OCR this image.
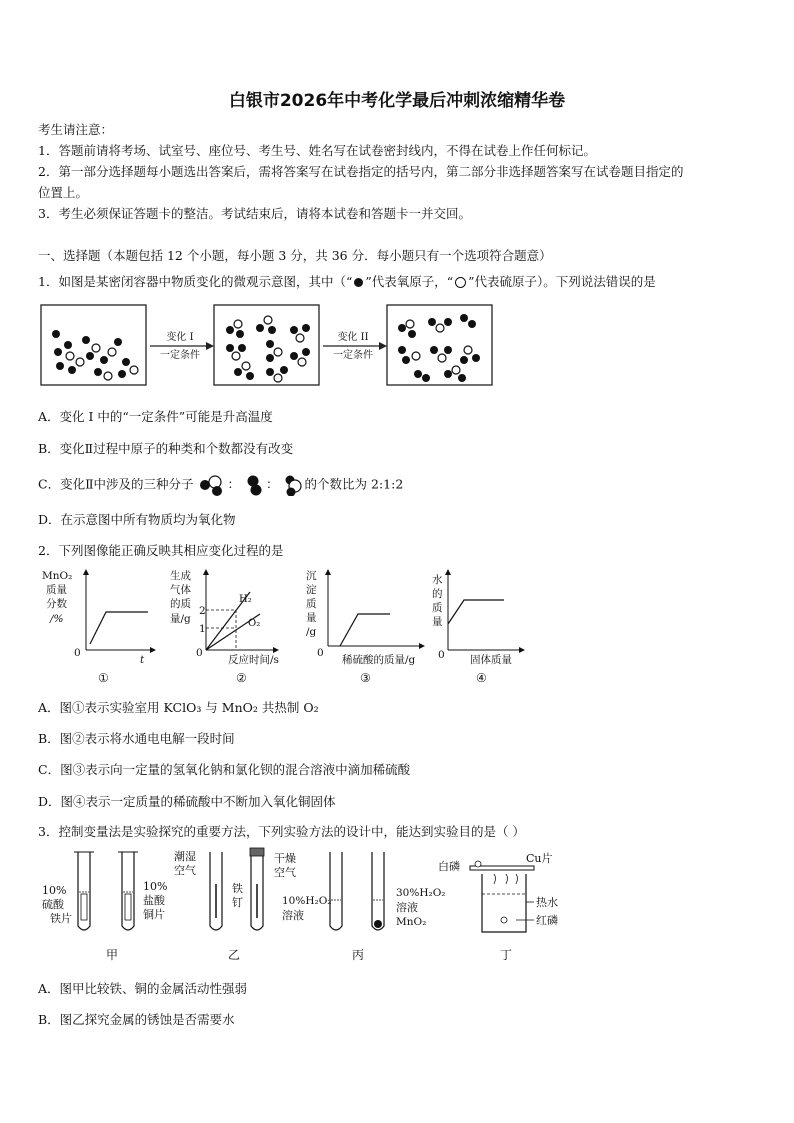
白银市2026年中考化学最后冲刺浓缩精华卷
考生请注意：
1．答题前请将考场、试室号、座位号、考生号、姓名写在试卷密封线内，不得在试卷上作任何标记。
2．第一部分选择题每小题选出答案后，需将答案写在试卷指定的括号内，第二部分非选择题答案写在试卷题目指定的
位置上。
3．考生必须保证答题卡的整洁。考试结束后，请将本试卷和答题卡一并交回。
一、选择题（本题包括 12 个小题，每小题 3 分，共 36 分．每小题只有一个选项符合题意）
1．如图是某密闭容器中物质变化的微观示意图，其中（“ ”代表氧原子，“ ”代表硫原子）。下列说法错误的是
变化 I
一定条件
变化 II
一定条件
A．变化 I 中的“一定条件”可能是升高温度
B．变化Ⅱ过程中原子的种类和个数都没有改变
C．变化Ⅱ中涉及的三种分子	： ： 的个数比为 2:1:2
D．在示意图中所有物质均为氧化物
2．下列图像能正确反映其相应变化过程的是
MnO₂
质量
分数
/%
0
t
①
生成
气体
的质
量/g
2
1
H₂
O₂
0
反应时间/s
②
沉
淀
质
量
/g
0
稀硫酸的质量/g
③
水
的
质
量
0 固体质量
④
A．图①表示实验室用 KClO₃ 与 MnO₂ 共热制 O₂
B．图②表示将水通电电解一段时间
C．图③表示向一定量的氢氧化钠和氯化钡的混合溶液中滴加稀硫酸
D．图④表示一定质量的稀硫酸中不断加入氧化铜固体
3．控制变量法是实验探究的重要方法，下列实验方法的设计中，能达到实验目的是（ ）
10%
硫酸
铁片
10%
盐酸
铜片
甲
潮湿
空气
铁
钉
干燥
空气
乙
10%H₂O₂
溶液
30%H₂O₂
溶液
MnO₂
丙
白磷
Cu片
热水
红磷
丁
A．图甲比较铁、铜的金属活动性强弱
B．图乙探究金属的锈蚀是否需要水
